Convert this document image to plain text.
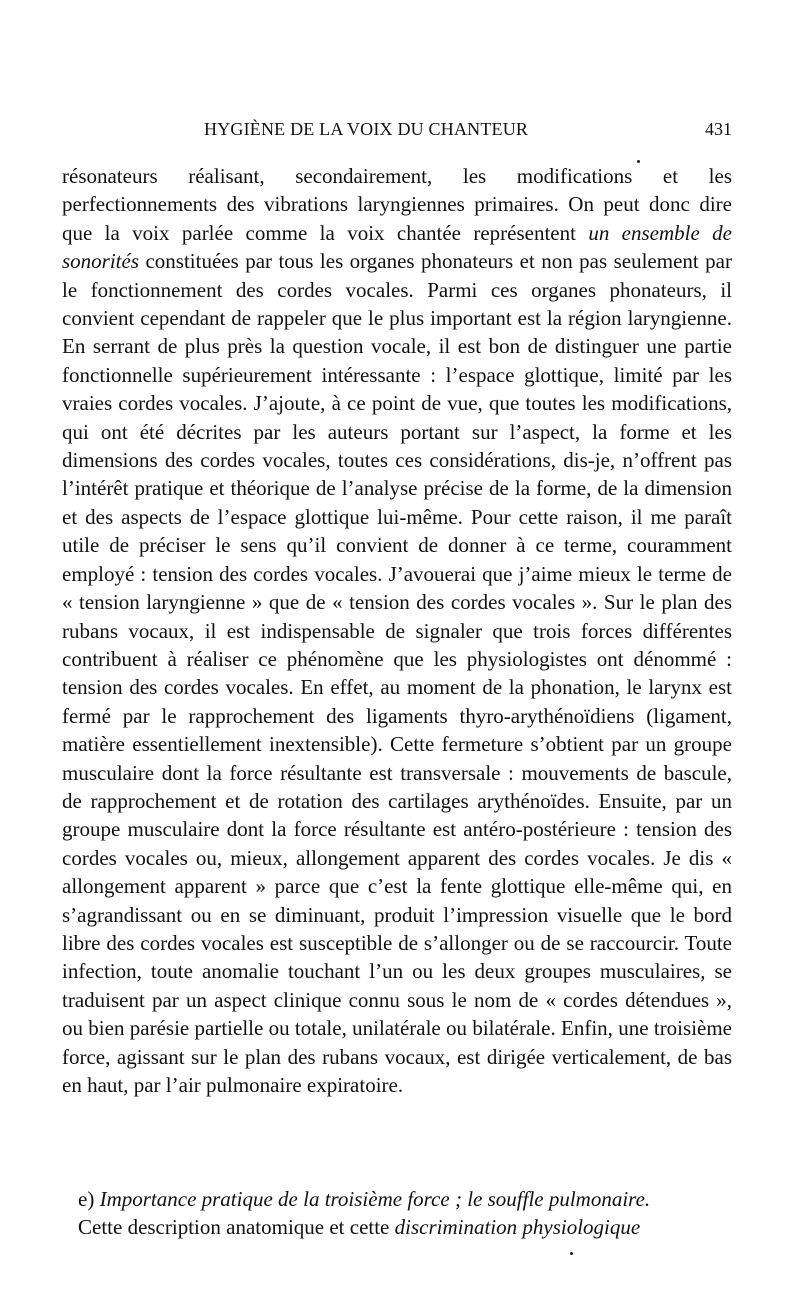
HYGIÈNE DE LA VOIX DU CHANTEUR	431

résonateurs réalisant, secondairement, les modifications et les perfectionnements des vibrations laryngiennes primaires. On peut donc dire que la voix parlée comme la voix chantée représentent un ensemble de sonorités constituées par tous les organes phonateurs et non pas seulement par le fonctionnement des cordes vocales. Parmi ces organes phonateurs, il convient cependant de rappeler que le plus important est la région laryngienne. En serrant de plus près la question vocale, il est bon de distinguer une partie fonctionnelle supérieurement intéressante : l’espace glottique, limité par les vraies cordes vocales. J’ajoute, à ce point de vue, que toutes les modifications, qui ont été décrites par les auteurs portant sur l’aspect, la forme et les dimensions des cordes vocales, toutes ces considérations, dis-je, n’offrent pas l’intérêt pratique et théorique de l’analyse précise de la forme, de la dimension et des aspects de l’espace glottique lui-même. Pour cette raison, il me paraît utile de préciser le sens qu’il convient de donner à ce terme, couramment employé : tension des cordes vocales. J’avouerai que j’aime mieux le terme de « tension laryngienne » que de « tension des cordes vocales ». Sur le plan des rubans vocaux, il est indispensable de signaler que trois forces différentes contribuent à réaliser ce phénomène que les physiologistes ont dénommé : tension des cordes vocales. En effet, au moment de la phonation, le larynx est fermé par le rapprochement des ligaments thyro-arythénoïdiens (ligament, matière essentiellement inextensible). Cette fermeture s’obtient par un groupe musculaire dont la force résultante est transversale : mouvements de bascule, de rapprochement et de rotation des cartilages arythénoïdes. Ensuite, par un groupe musculaire dont la force résultante est antéro-postérieure : tension des cordes vocales ou, mieux, allongement apparent des cordes vocales. Je dis « allongement apparent » parce que c’est la fente glottique elle-même qui, en s’agrandissant ou en se diminuant, produit l’impression visuelle que le bord libre des cordes vocales est susceptible de s’allonger ou de se raccourcir. Toute infection, toute anomalie touchant l’un ou les deux groupes musculaires, se traduisent par un aspect clinique connu sous le nom de « cordes détendues », ou bien parésie partielle ou totale, unilatérale ou bilatérale. Enfin, une troisième force, agissant sur le plan des rubans vocaux, est dirigée verticalement, de bas en haut, par l’air pulmonaire expiratoire.

e) Importance pratique de la troisième force ; le souffle pulmonaire.

Cette description anatomique et cette discrimination physiologique
